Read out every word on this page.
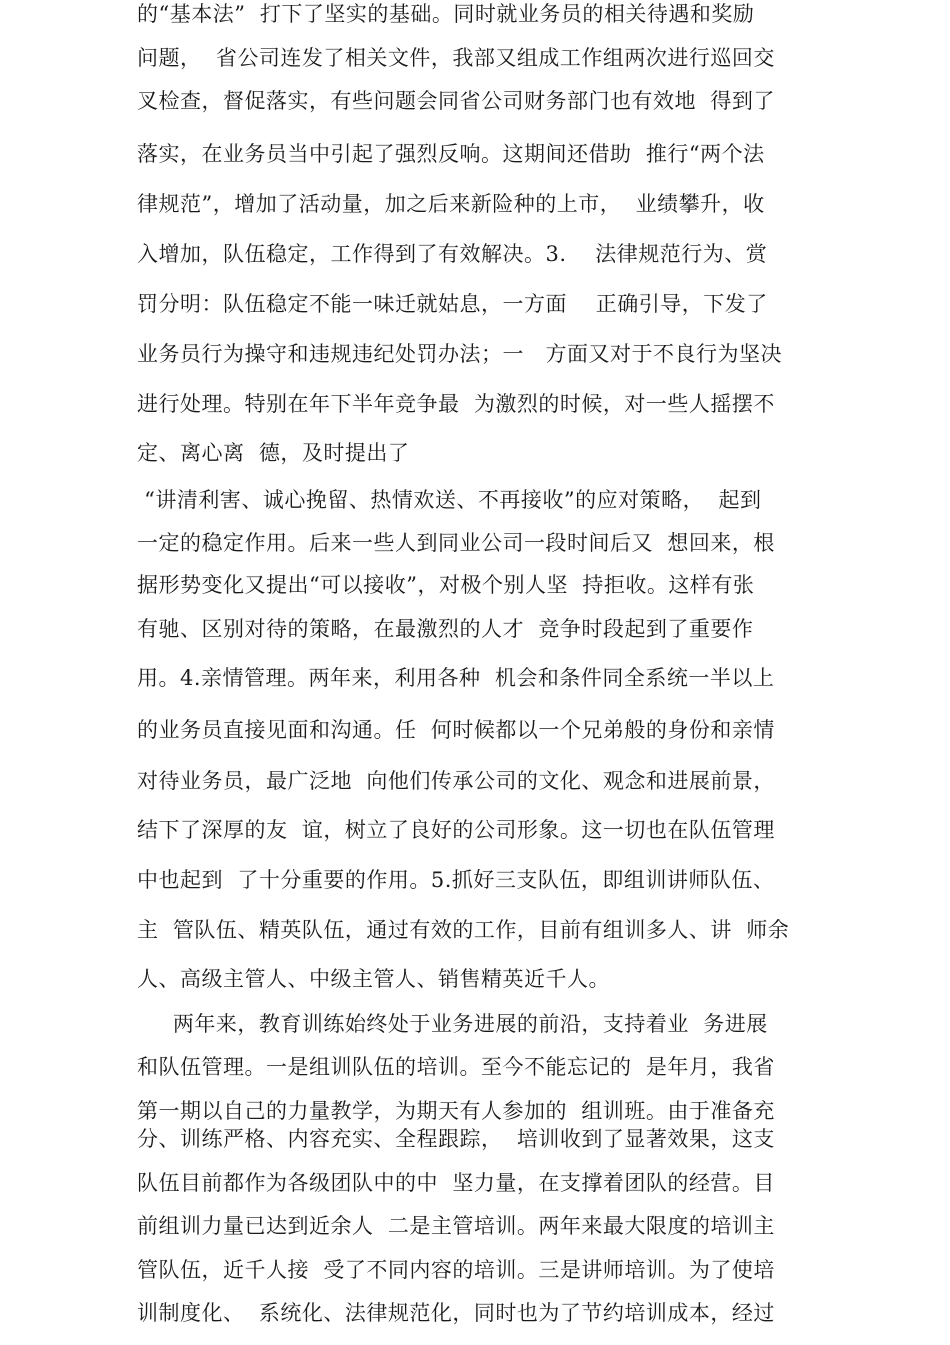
的“基本法”  打下了坚实的基础。同时就业务员的相关待遇和奖励
问题，  省公司连发了相关文件，我部又组成工作组两次进行巡回交
叉检查，督促落实，有些问题会同省公司财务部门也有效地  得到了
落实，在业务员当中引起了强烈反响。这期间还借助  推行“两个法
律规范”，增加了活动量，加之后来新险种的上市，  业绩攀升，收
入增加，队伍稳定，工作得到了有效解决。3.    法律规范行为、赏
罚分明：队伍稳定不能一味迁就姑息，一方面    正确引导，下发了
业务员行为操守和违规违纪处罚办法；一   方面又对于不良行为坚决
进行处理。特别在年下半年竞争最  为激烈的时候，对一些人摇摆不
定、离心离  德，及时提出了
“讲清利害、诚心挽留、热情欢送、不再接收”的应对策略，  起到
一定的稳定作用。后来一些人到同业公司一段时间后又  想回来，根
据形势变化又提出“可以接收”，对极个别人坚  持拒收。这样有张
有驰、区别对待的策略，在最激烈的人才  竞争时段起到了重要作
用。4.亲情管理。两年来，利用各种  机会和条件同全系统一半以上
的业务员直接见面和沟通。任  何时候都以一个兄弟般的身份和亲情
对待业务员，最广泛地  向他们传承公司的文化、观念和进展前景，
结下了深厚的友  谊，树立了良好的公司形象。这一切也在队伍管理
中也起到  了十分重要的作用。5.抓好三支队伍，即组训讲师队伍、
主  管队伍、精英队伍，通过有效的工作，目前有组训多人、讲  师余
人、高级主管人、中级主管人、销售精英近千人。
两年来，教育训练始终处于业务进展的前沿，支持着业  务进展
和队伍管理。一是组训队伍的培训。至今不能忘记的  是年月，我省
第一期以自己的力量教学，为期天有人参加的  组训班。由于准备充
分、训练严格、内容充实、全程跟踪，  培训收到了显著效果，这支
队伍目前都作为各级团队中的中  坚力量，在支撑着团队的经营。目
前组训力量已达到近余人  二是主管培训。两年来最大限度的培训主
管队伍，近千人接  受了不同内容的培训。三是讲师培训。为了使培
训制度化、  系统化、法律规范化，同时也为了节约培训成本，经过
